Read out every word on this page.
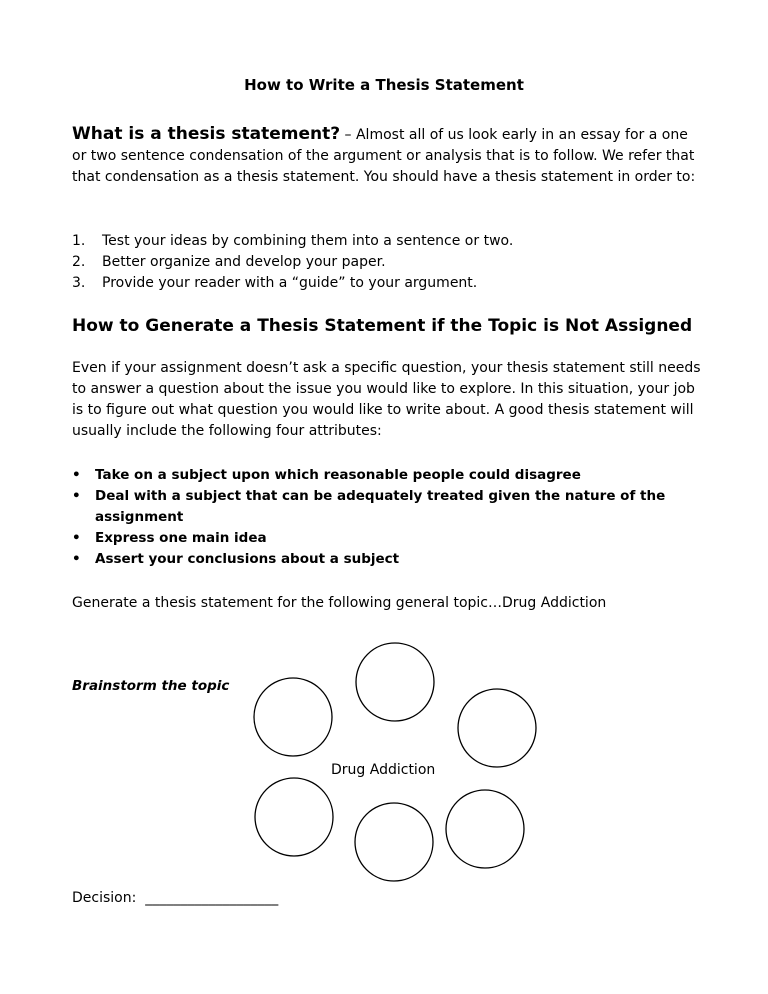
How to Write a Thesis Statement

What is a thesis statement? – Almost all of us look early in an essay for a one or two sentence condensation of the argument or analysis that is to follow. We refer that that condensation as a thesis statement. You should have a thesis statement in order to:

1. Test your ideas by combining them into a sentence or two.
2. Better organize and develop your paper.
3. Provide your reader with a “guide” to your argument.

How to Generate a Thesis Statement if the Topic is Not Assigned

Even if your assignment doesn’t ask a specific question, your thesis statement still needs to answer a question about the issue you would like to explore. In this situation, your job is to figure out what question you would like to write about. A good thesis statement will usually include the following four attributes:

• Take on a subject upon which reasonable people could disagree
• Deal with a subject that can be adequately treated given the nature of the assignment
• Express one main idea
• Assert your conclusions about a subject

Generate a thesis statement for the following general topic…Drug Addiction

Brainstorm the topic

Drug Addiction

Decision: ___________________
